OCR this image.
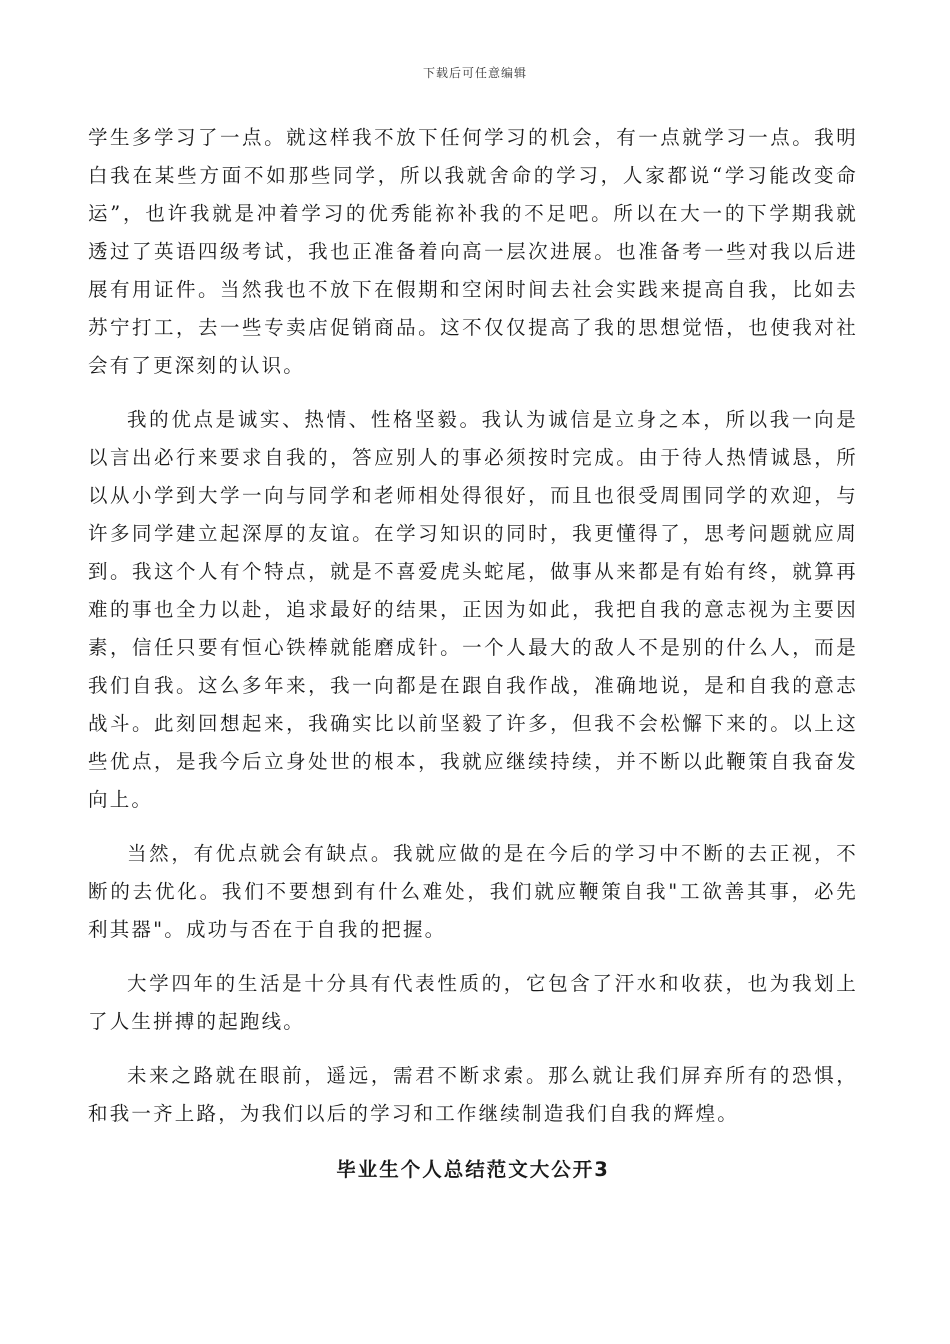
下载后可任意编辑

学生多学习了一点。就这样我不放下任何学习的机会，有一点就学习一点。我明白我在某些方面不如那些同学，所以我就舍命的学习，人家都说“学习能改变命运”，也许我就是冲着学习的优秀能祢补我的不足吧。所以在大一的下学期我就透过了英语四级考试，我也正准备着向高一层次进展。也准备考一些对我以后进展有用证件。当然我也不放下在假期和空闲时间去社会实践来提高自我，比如去苏宁打工，去一些专卖店促销商品。这不仅仅提高了我的思想觉悟，也使我对社会有了更深刻的认识。

我的优点是诚实、热情、性格坚毅。我认为诚信是立身之本，所以我一向是以言出必行来要求自我的，答应别人的事必须按时完成。由于待人热情诚恳，所以从小学到大学一向与同学和老师相处得很好，而且也很受周围同学的欢迎，与许多同学建立起深厚的友谊。在学习知识的同时，我更懂得了，思考问题就应周到。我这个人有个特点，就是不喜爱虎头蛇尾，做事从来都是有始有终，就算再难的事也全力以赴，追求最好的结果，正因为如此，我把自我的意志视为主要因素，信任只要有恒心铁棒就能磨成针。一个人最大的敌人不是别的什么人，而是我们自我。这么多年来，我一向都是在跟自我作战，准确地说，是和自我的意志战斗。此刻回想起来，我确实比以前坚毅了许多，但我不会松懈下来的。以上这些优点，是我今后立身处世的根本，我就应继续持续，并不断以此鞭策自我奋发向上。

当然，有优点就会有缺点。我就应做的是在今后的学习中不断的去正视，不断的去优化。我们不要想到有什么难处，我们就应鞭策自我"工欲善其事，必先利其器"。成功与否在于自我的把握。

大学四年的生活是十分具有代表性质的，它包含了汗水和收获，也为我划上了人生拼搏的起跑线。

未来之路就在眼前，遥远，需君不断求索。那么就让我们屏弃所有的恐惧，和我一齐上路，为我们以后的学习和工作继续制造我们自我的辉煌。

毕业生个人总结范文大公开3
